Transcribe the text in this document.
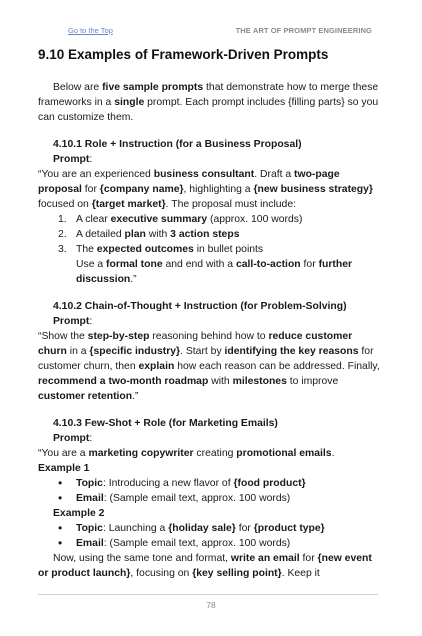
Go to the Top	THE ART OF PROMPT ENGINEERING
9.10 Examples of Framework-Driven Prompts

Below are five sample prompts that demonstrate how to merge these frameworks in a single prompt. Each prompt includes {filling parts} so you can customize them.

4.10.1 Role + Instruction (for a Business Proposal)

Prompt:

“You are an experienced business consultant. Draft a two-page proposal for {company name}, highlighting a {new business strategy} focused on {target market}. The proposal must include:

1. A clear executive summary (approx. 100 words)
2. A detailed plan with 3 action steps
3. The expected outcomes in bullet points

Use a formal tone and end with a call-to-action for further discussion.”

4.10.2 Chain-of-Thought + Instruction (for Problem-Solving)

Prompt:

“Show the step-by-step reasoning behind how to reduce customer churn in a {specific industry}. Start by identifying the key reasons for customer churn, then explain how each reason can be addressed. Finally, recommend a two-month roadmap with milestones to improve customer retention.”

4.10.3 Few-Shot + Role (for Marketing Emails)

Prompt:

“You are a marketing copywriter creating promotional emails.

Example 1

• Topic: Introducing a new flavor of {food product}
• Email: (Sample email text, approx. 100 words)

Example 2

• Topic: Launching a {holiday sale} for {product type}
• Email: (Sample email text, approx. 100 words)

Now, using the same tone and format, write an email for {new event or product launch}, focusing on {key selling point}. Keep it

78
